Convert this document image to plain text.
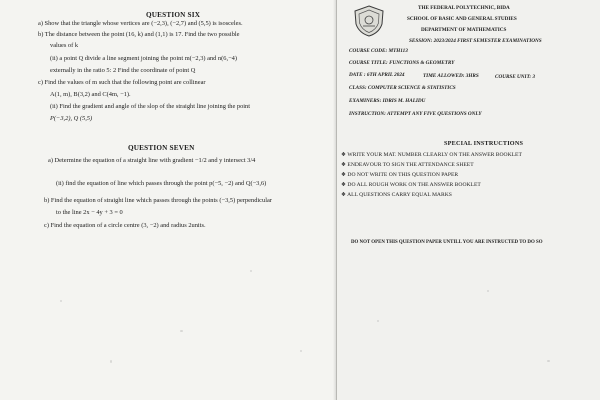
QUESTION SIX
a) Show that the triangle whose vertices are (−2,3), (−2,7) and (5,5) is isosceles.
b) The distance between the point (16, k) and (1,1) is 17. Find the two possible
values of k
(ii) a point Q divide a line segment joining the point m(−2,3) and n(6,−4)
externally in the ratio 5: 2 Find the coordinate of point Q
c) Find the values of m such that the following point are collinear
A(1, m), B(3,2) and C(4m, −1).
(ii) Find the gradient and angle of the slop of the straight line joining the point
P(−3,2), Q (5,5)
QUESTION SEVEN
a) Determine the equation of a straight line with gradient −1/2 and y intersect 3/4
(ii) find the equation of line which passes through the point p(−5, −2) and Q(−3,6)
b) Find the equation of straight line which passes through the points (−3,5) perpendicular
to the line 2x − 4y + 3 = 0
c) Find the equation of a circle centre (3, −2) and radius 2units.
THE FEDERAL POLYTECHNIC, BIDA
SCHOOL OF BASIC AND GENERAL STUDIES
DEPARTMENT OF MATHEMATICS
SESSION: 2023/2024 FIRST SEMESTER EXAMINATIONS
COURSE CODE: MTH113
COURSE TITLE: FUNCTIONS & GEOMETRY
DATE : 6TH APRIL 2024	TIME ALLOWED: 3HRS	COURSE UNIT: 3
CLASS: COMPUTER SCIENCE & STATISTICS
EXAMINERS: IDRIS M. HALIDU
INSTRUCTION: ATTEMPT ANY FIVE QUESTIONS ONLY
SPECIAL INSTRUCTIONS
❖ WRITE YOUR MAT. NUMBER CLEARLY ON THE ANSWER BOOKLET
❖ ENDEAVOUR TO SIGN THE ATTENDANCE SHEET
❖ DO NOT WRITE ON THIS QUESTION PAPER
❖ DO ALL ROUGH WORK ON THE ANSWER BOOKLET
❖ ALL QUESTIONS CARRY EQUAL MARKS
DO NOT OPEN THIS QUESTION PAPER UNTILL YOU ARE INSTRUCTED TO DO SO
